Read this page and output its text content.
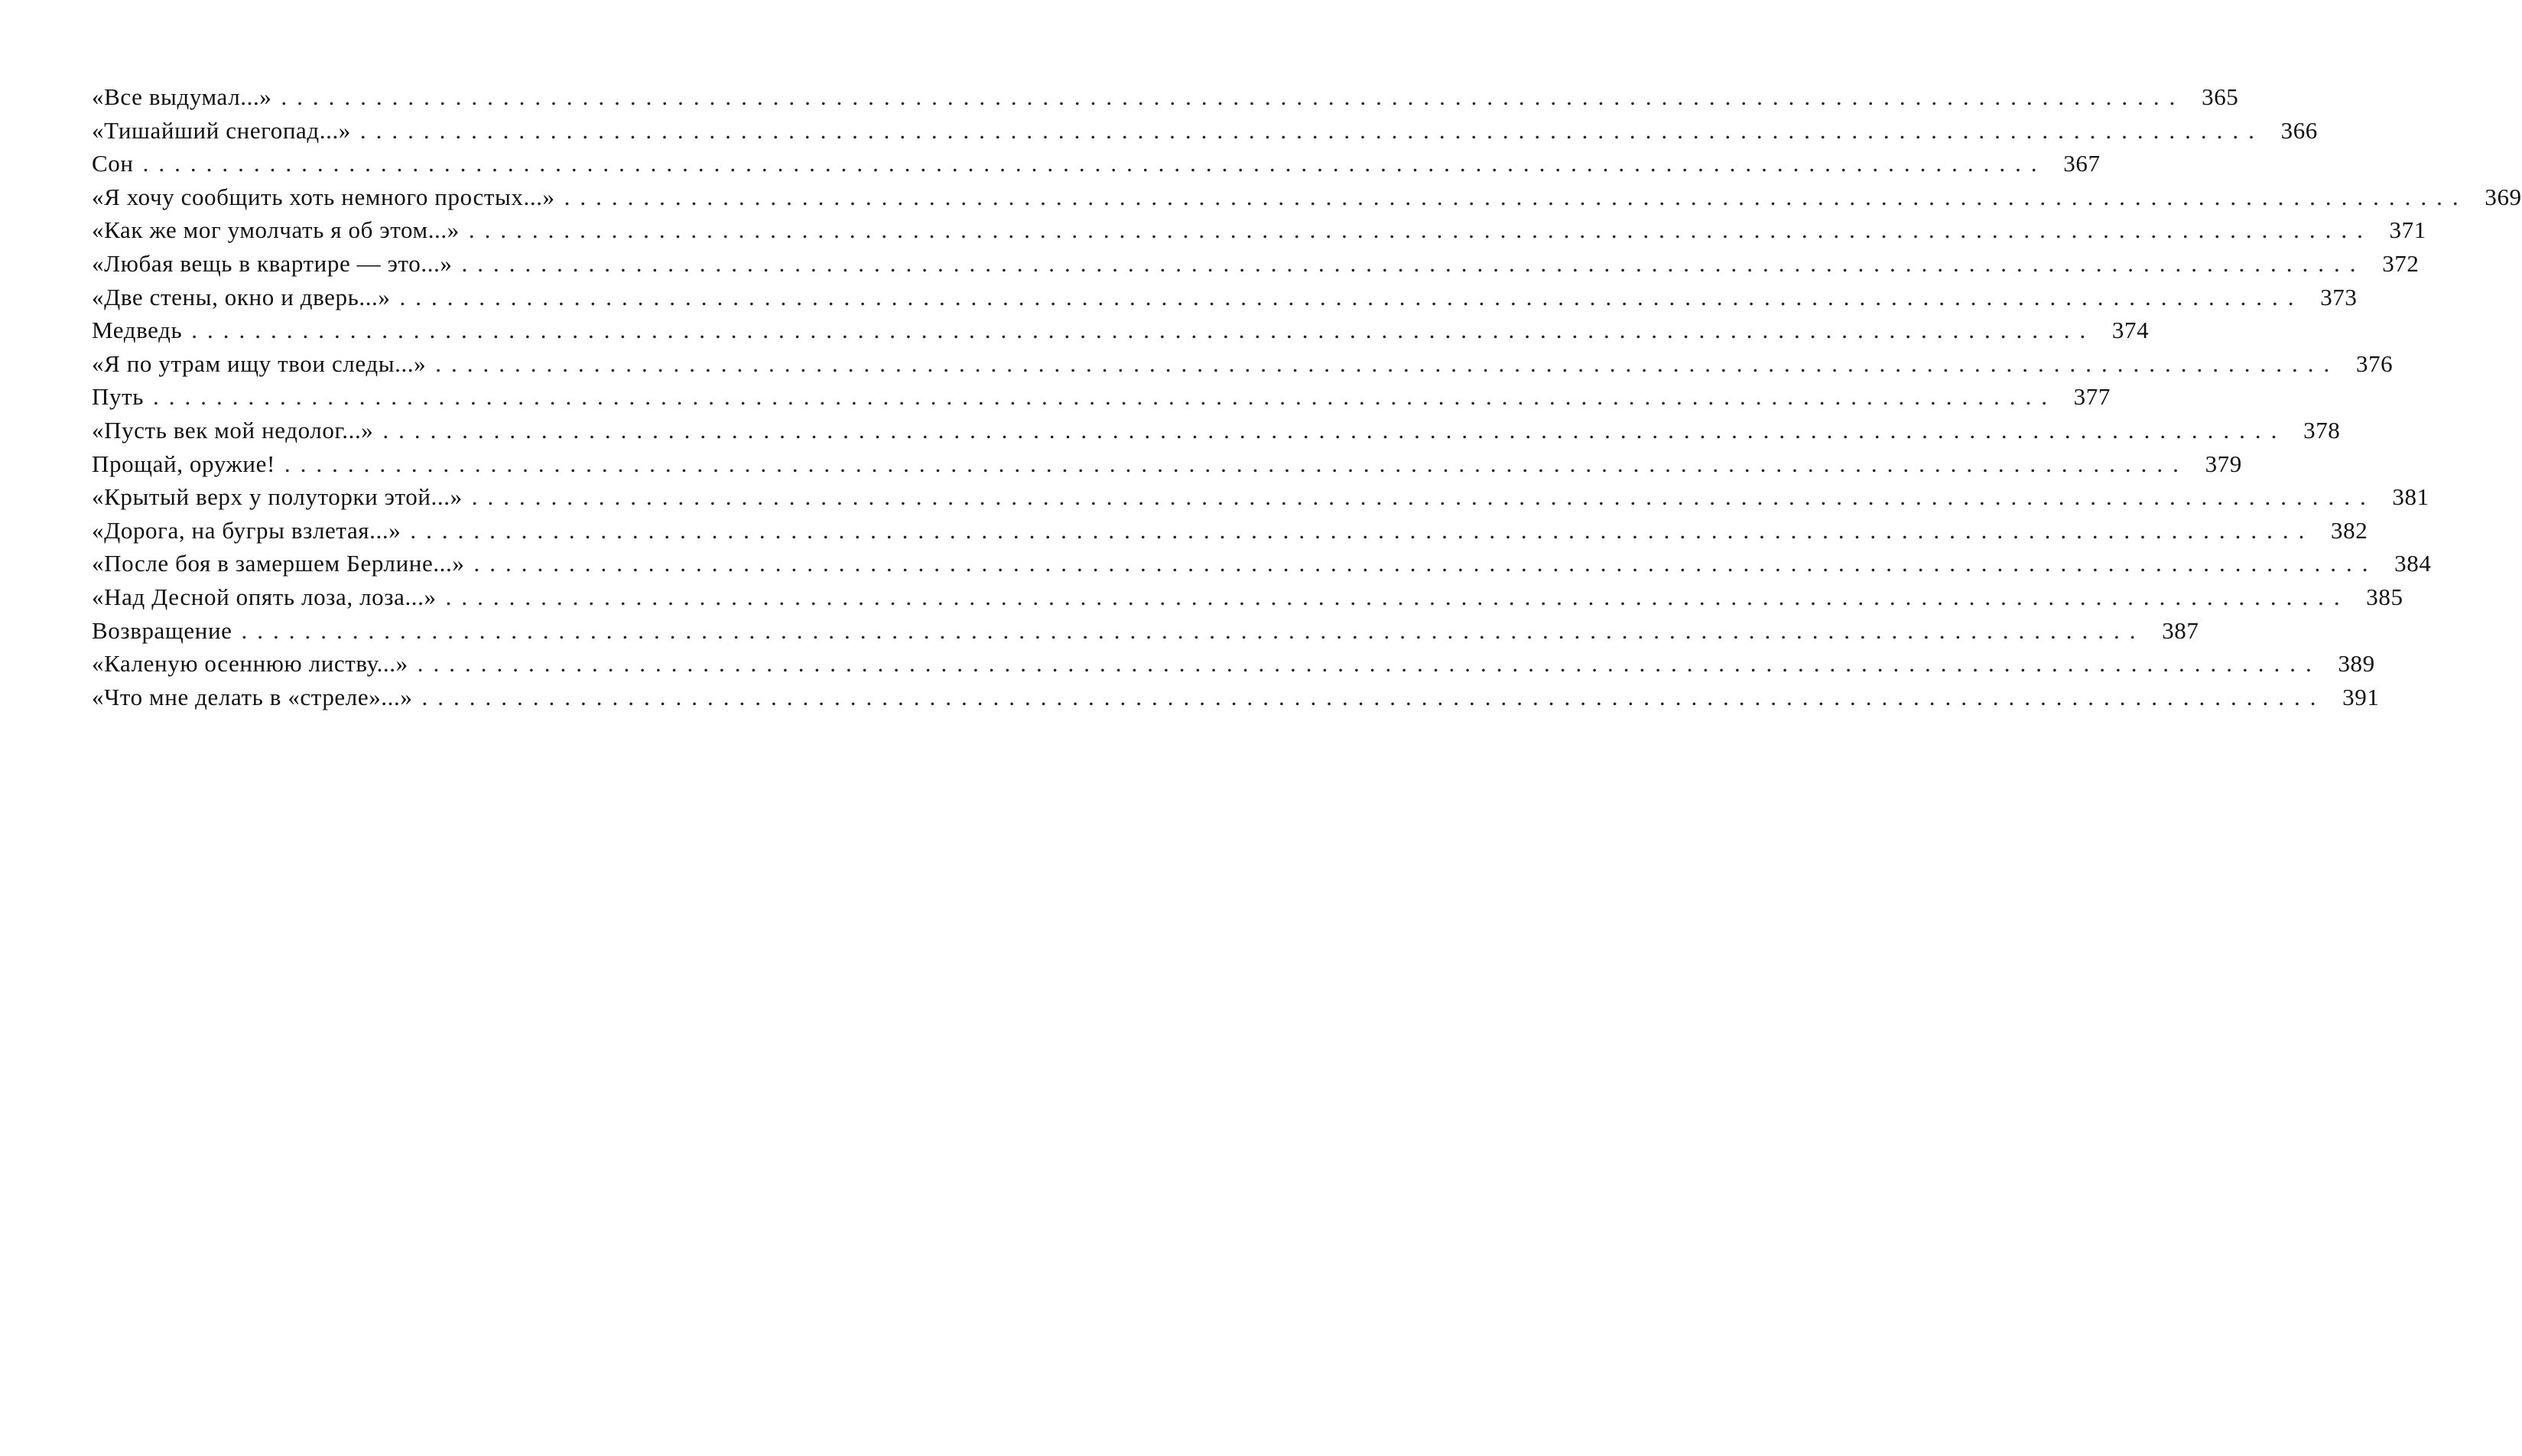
«Все выдумал...» ........................................................................................................................ 365
«Тишайший снегопад...» ........................................................................................................................ 366
Сон ........................................................................................................................ 367
«Я хочу сообщить хоть немного простых...» ........................................................................................................................ 369
«Как же мог умолчать я об этом...» ........................................................................................................................ 371
«Любая вещь в квартире — это...» ........................................................................................................................ 372
«Две стены, окно и дверь...» ........................................................................................................................ 373
Медведь ........................................................................................................................ 374
«Я по утрам ищу твои следы...» ........................................................................................................................ 376
Путь ........................................................................................................................ 377
«Пусть век мой недолог...» ........................................................................................................................ 378
Прощай, оружие! ........................................................................................................................ 379
«Крытый верх у полуторки этой...» ........................................................................................................................ 381
«Дорога, на бугры взлетая...» ........................................................................................................................ 382
«После боя в замершем Берлине...» ........................................................................................................................ 384
«Над Десной опять лоза, лоза...» ........................................................................................................................ 385
Возвращение ........................................................................................................................ 387
«Каленую осеннюю листву...» ........................................................................................................................ 389
«Что мне делать в «стреле»...» ........................................................................................................................ 391
